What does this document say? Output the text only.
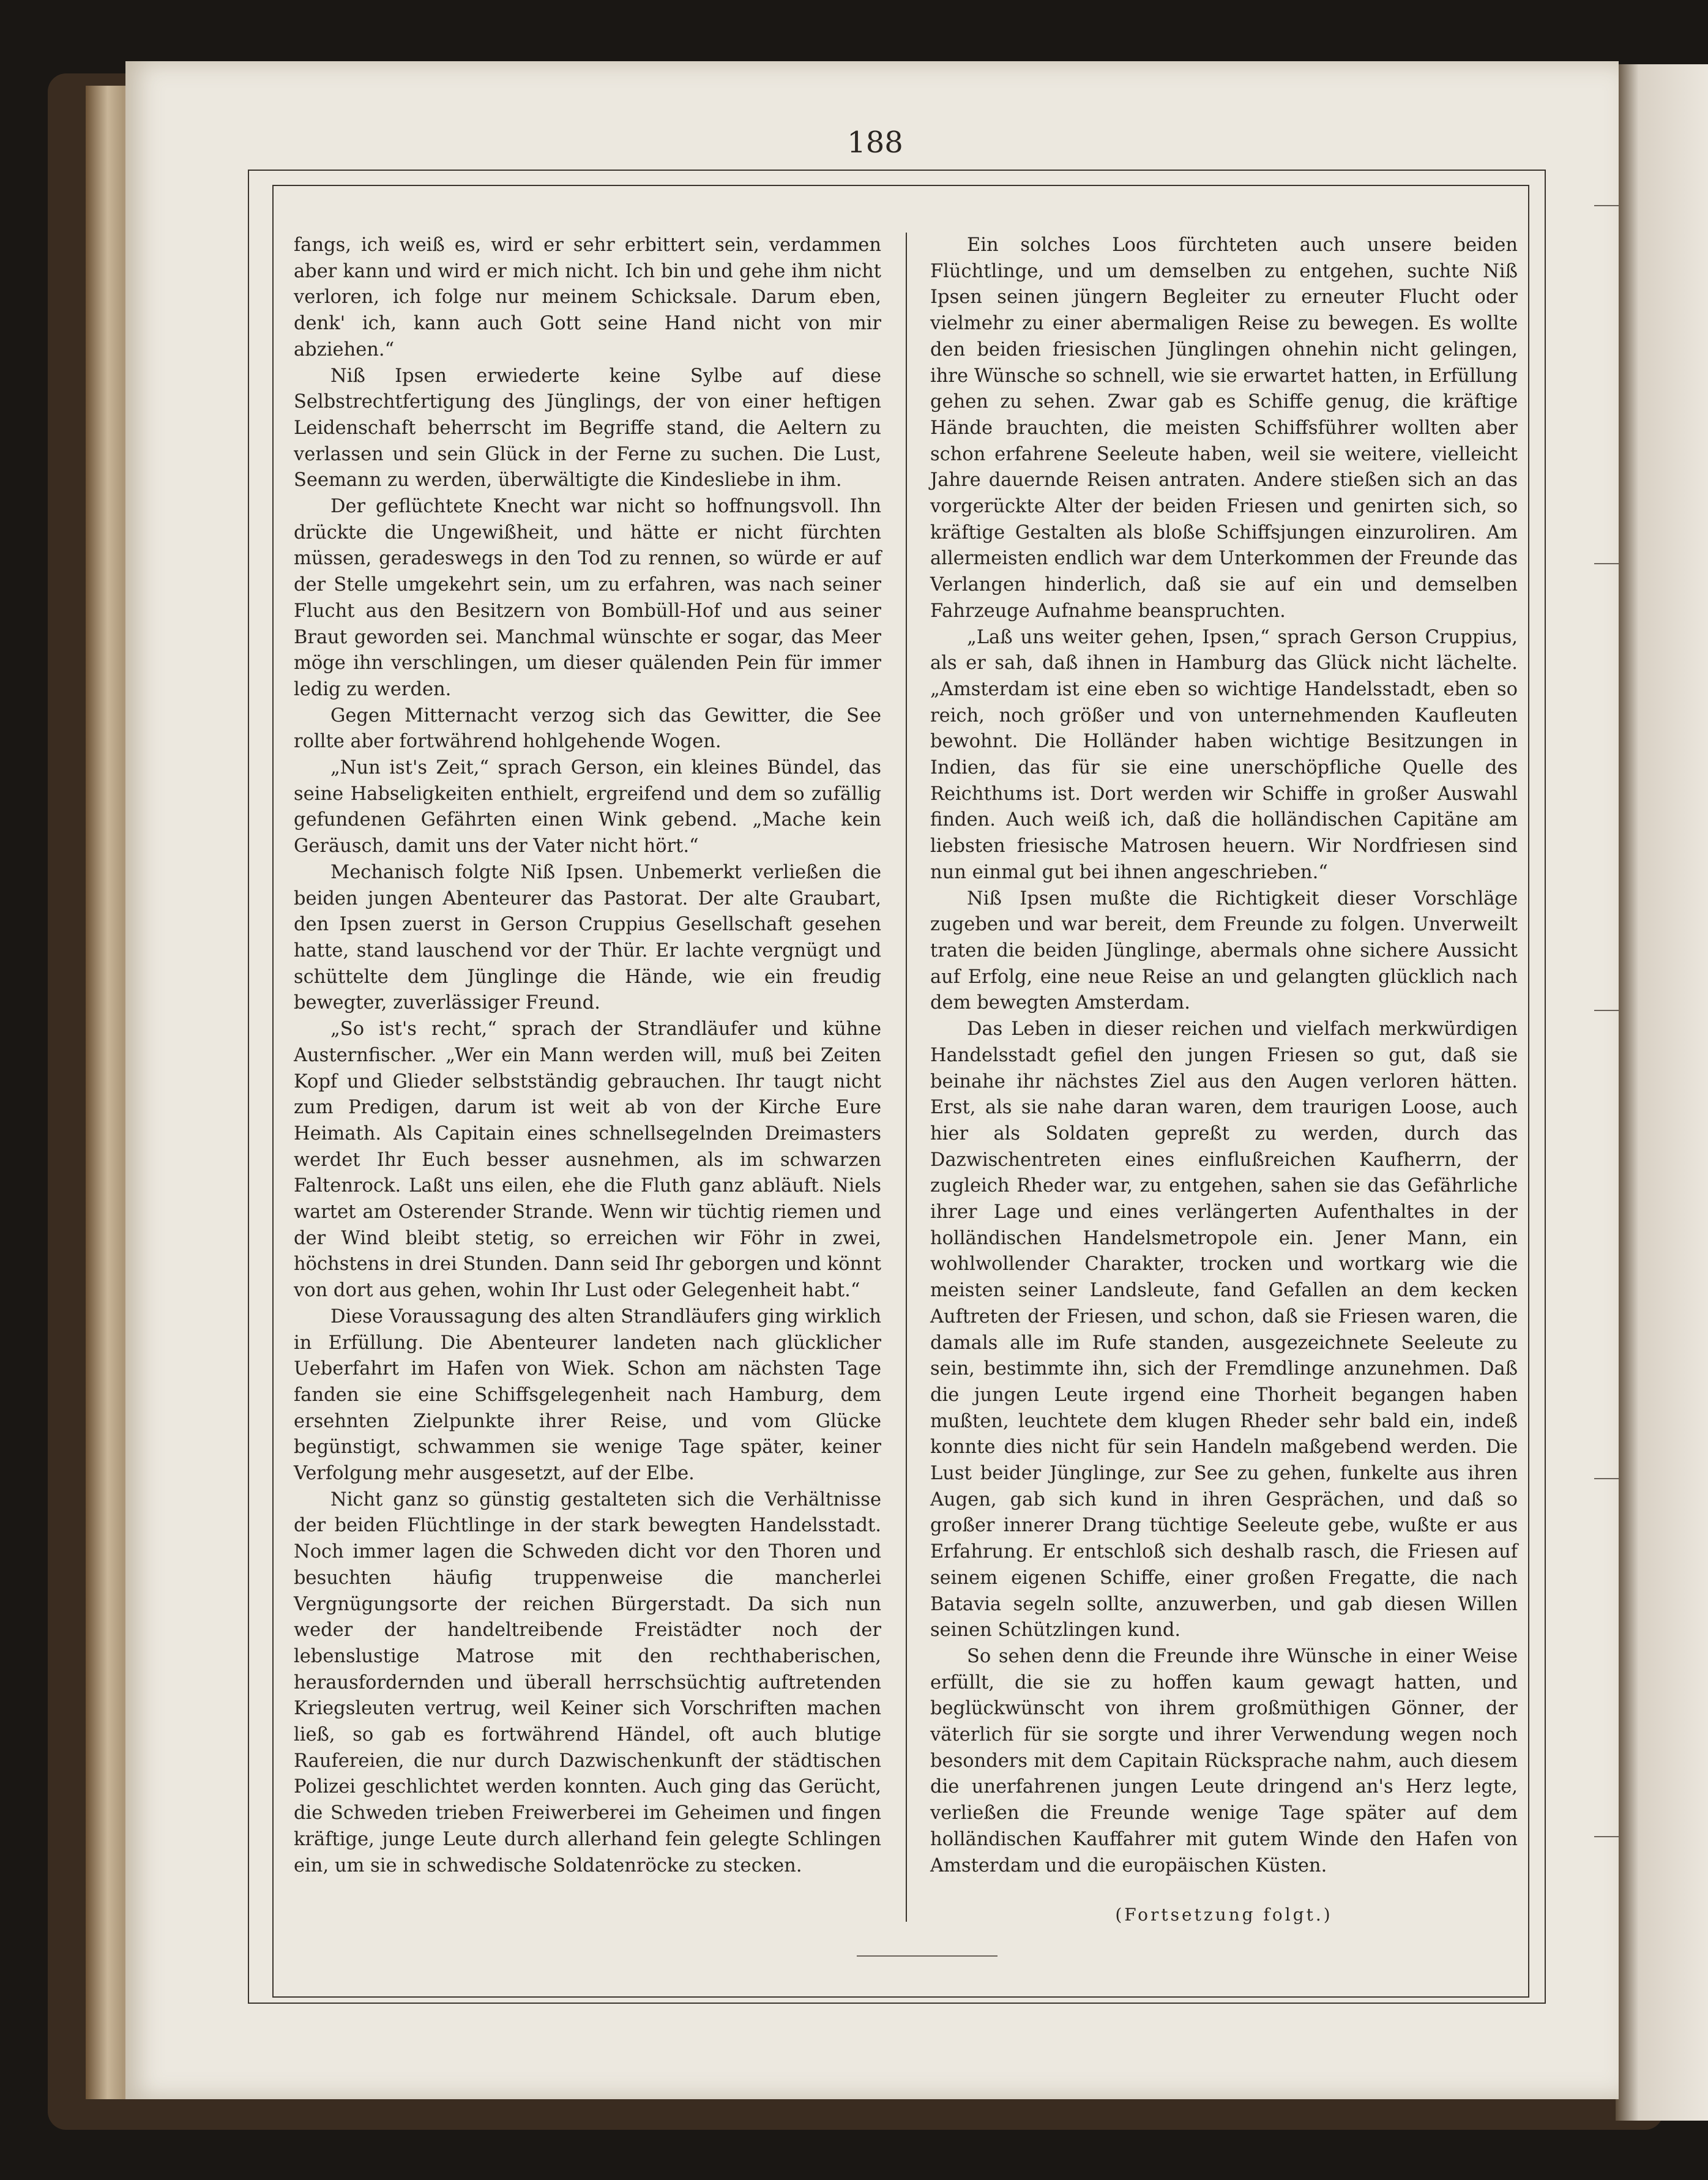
188

fangs, ich weiß es, wird er sehr erbittert sein, verdammen aber kann und wird er mich nicht. Ich bin und gehe ihm nicht verloren, ich folge nur meinem Schicksale. Darum eben, denk' ich, kann auch Gott seine Hand nicht von mir abziehen.“

Niß Ipsen erwiederte keine Sylbe auf diese Selbstrechtfertigung des Jünglings, der von einer heftigen Leidenschaft beherrscht im Begriffe stand, die Aeltern zu verlassen und sein Glück in der Ferne zu suchen. Die Lust, Seemann zu werden, überwältigte die Kindesliebe in ihm.

Der geflüchtete Knecht war nicht so hoffnungsvoll. Ihn drückte die Ungewißheit, und hätte er nicht fürchten müssen, geradeswegs in den Tod zu rennen, so würde er auf der Stelle umgekehrt sein, um zu erfahren, was nach seiner Flucht aus den Besitzern von Bombüll-Hof und aus seiner Braut geworden sei. Manchmal wünschte er sogar, das Meer möge ihn verschlingen, um dieser quälenden Pein für immer ledig zu werden.

Gegen Mitternacht verzog sich das Gewitter, die See rollte aber fortwährend hohlgehende Wogen.

„Nun ist's Zeit,“ sprach Gerson, ein kleines Bündel, das seine Habseligkeiten enthielt, ergreifend und dem so zufällig gefundenen Gefährten einen Wink gebend. „Mache kein Geräusch, damit uns der Vater nicht hört.“

Mechanisch folgte Niß Ipsen. Unbemerkt verließen die beiden jungen Abenteurer das Pastorat. Der alte Graubart, den Ipsen zuerst in Gerson Cruppius Gesellschaft gesehen hatte, stand lauschend vor der Thür. Er lachte vergnügt und schüttelte dem Jünglinge die Hände, wie ein freudig bewegter, zuverlässiger Freund.

„So ist's recht,“ sprach der Strandläufer und kühne Austernfischer. „Wer ein Mann werden will, muß bei Zeiten Kopf und Glieder selbstständig gebrauchen. Ihr taugt nicht zum Predigen, darum ist weit ab von der Kirche Eure Heimath. Als Capitain eines schnellsegelnden Dreimasters werdet Ihr Euch besser ausnehmen, als im schwarzen Faltenrock. Laßt uns eilen, ehe die Fluth ganz abläuft. Niels wartet am Osterender Strande. Wenn wir tüchtig riemen und der Wind bleibt stetig, so erreichen wir Föhr in zwei, höchstens in drei Stunden. Dann seid Ihr geborgen und könnt von dort aus gehen, wohin Ihr Lust oder Gelegenheit habt.“

Diese Voraussagung des alten Strandläufers ging wirklich in Erfüllung. Die Abenteurer landeten nach glücklicher Ueberfahrt im Hafen von Wiek. Schon am nächsten Tage fanden sie eine Schiffsgelegenheit nach Hamburg, dem ersehnten Zielpunkte ihrer Reise, und vom Glücke begünstigt, schwammen sie wenige Tage später, keiner Verfolgung mehr ausgesetzt, auf der Elbe.

Nicht ganz so günstig gestalteten sich die Verhältnisse der beiden Flüchtlinge in der stark bewegten Handelsstadt. Noch immer lagen die Schweden dicht vor den Thoren und besuchten häufig truppenweise die mancherlei Vergnügungsorte der reichen Bürgerstadt. Da sich nun weder der handeltreibende Freistädter noch der lebenslustige Matrose mit den rechthaberischen, herausfordernden und überall herrschsüchtig auftretenden Kriegsleuten vertrug, weil Keiner sich Vorschriften machen ließ, so gab es fortwährend Händel, oft auch blutige Raufereien, die nur durch Dazwischenkunft der städtischen Polizei geschlichtet werden konnten. Auch ging das Gerücht, die Schweden trieben Freiwerberei im Geheimen und fingen kräftige, junge Leute durch allerhand fein gelegte Schlingen ein, um sie in schwedische Soldatenröcke zu stecken.

Ein solches Loos fürchteten auch unsere beiden Flüchtlinge, und um demselben zu entgehen, suchte Niß Ipsen seinen jüngern Begleiter zu erneuter Flucht oder vielmehr zu einer abermaligen Reise zu bewegen. Es wollte den beiden friesischen Jünglingen ohnehin nicht gelingen, ihre Wünsche so schnell, wie sie erwartet hatten, in Erfüllung gehen zu sehen. Zwar gab es Schiffe genug, die kräftige Hände brauchten, die meisten Schiffsführer wollten aber schon erfahrene Seeleute haben, weil sie weitere, vielleicht Jahre dauernde Reisen antraten. Andere stießen sich an das vorgerückte Alter der beiden Friesen und genirten sich, so kräftige Gestalten als bloße Schiffsjungen einzuroliren. Am allermeisten endlich war dem Unterkommen der Freunde das Verlangen hinderlich, daß sie auf ein und demselben Fahrzeuge Aufnahme beanspruchten.

„Laß uns weiter gehen, Ipsen,“ sprach Gerson Cruppius, als er sah, daß ihnen in Hamburg das Glück nicht lächelte. „Amsterdam ist eine eben so wichtige Handelsstadt, eben so reich, noch größer und von unternehmenden Kaufleuten bewohnt. Die Holländer haben wichtige Besitzungen in Indien, das für sie eine unerschöpfliche Quelle des Reichthums ist. Dort werden wir Schiffe in großer Auswahl finden. Auch weiß ich, daß die holländischen Capitäne am liebsten friesische Matrosen heuern. Wir Nordfriesen sind nun einmal gut bei ihnen angeschrieben.“

Niß Ipsen mußte die Richtigkeit dieser Vorschläge zugeben und war bereit, dem Freunde zu folgen. Unverweilt traten die beiden Jünglinge, abermals ohne sichere Aussicht auf Erfolg, eine neue Reise an und gelangten glücklich nach dem bewegten Amsterdam.

Das Leben in dieser reichen und vielfach merkwürdigen Handelsstadt gefiel den jungen Friesen so gut, daß sie beinahe ihr nächstes Ziel aus den Augen verloren hätten. Erst, als sie nahe daran waren, dem traurigen Loose, auch hier als Soldaten gepreßt zu werden, durch das Dazwischentreten eines einflußreichen Kaufherrn, der zugleich Rheder war, zu entgehen, sahen sie das Gefährliche ihrer Lage und eines verlängerten Aufenthaltes in der holländischen Handelsmetropole ein. Jener Mann, ein wohlwollender Charakter, trocken und wortkarg wie die meisten seiner Landsleute, fand Gefallen an dem kecken Auftreten der Friesen, und schon, daß sie Friesen waren, die damals alle im Rufe standen, ausgezeichnete Seeleute zu sein, bestimmte ihn, sich der Fremdlinge anzunehmen. Daß die jungen Leute irgend eine Thorheit begangen haben mußten, leuchtete dem klugen Rheder sehr bald ein, indeß konnte dies nicht für sein Handeln maßgebend werden. Die Lust beider Jünglinge, zur See zu gehen, funkelte aus ihren Augen, gab sich kund in ihren Gesprächen, und daß so großer innerer Drang tüchtige Seeleute gebe, wußte er aus Erfahrung. Er entschloß sich deshalb rasch, die Friesen auf seinem eigenen Schiffe, einer großen Fregatte, die nach Batavia segeln sollte, anzuwerben, und gab diesen Willen seinen Schützlingen kund.

So sehen denn die Freunde ihre Wünsche in einer Weise erfüllt, die sie zu hoffen kaum gewagt hatten, und beglückwünscht von ihrem großmüthigen Gönner, der väterlich für sie sorgte und ihrer Verwendung wegen noch besonders mit dem Capitain Rücksprache nahm, auch diesem die unerfahrenen jungen Leute dringend an's Herz legte, verließen die Freunde wenige Tage später auf dem holländischen Kauffahrer mit gutem Winde den Hafen von Amsterdam und die europäischen Küsten.

(Fortsetzung folgt.)
